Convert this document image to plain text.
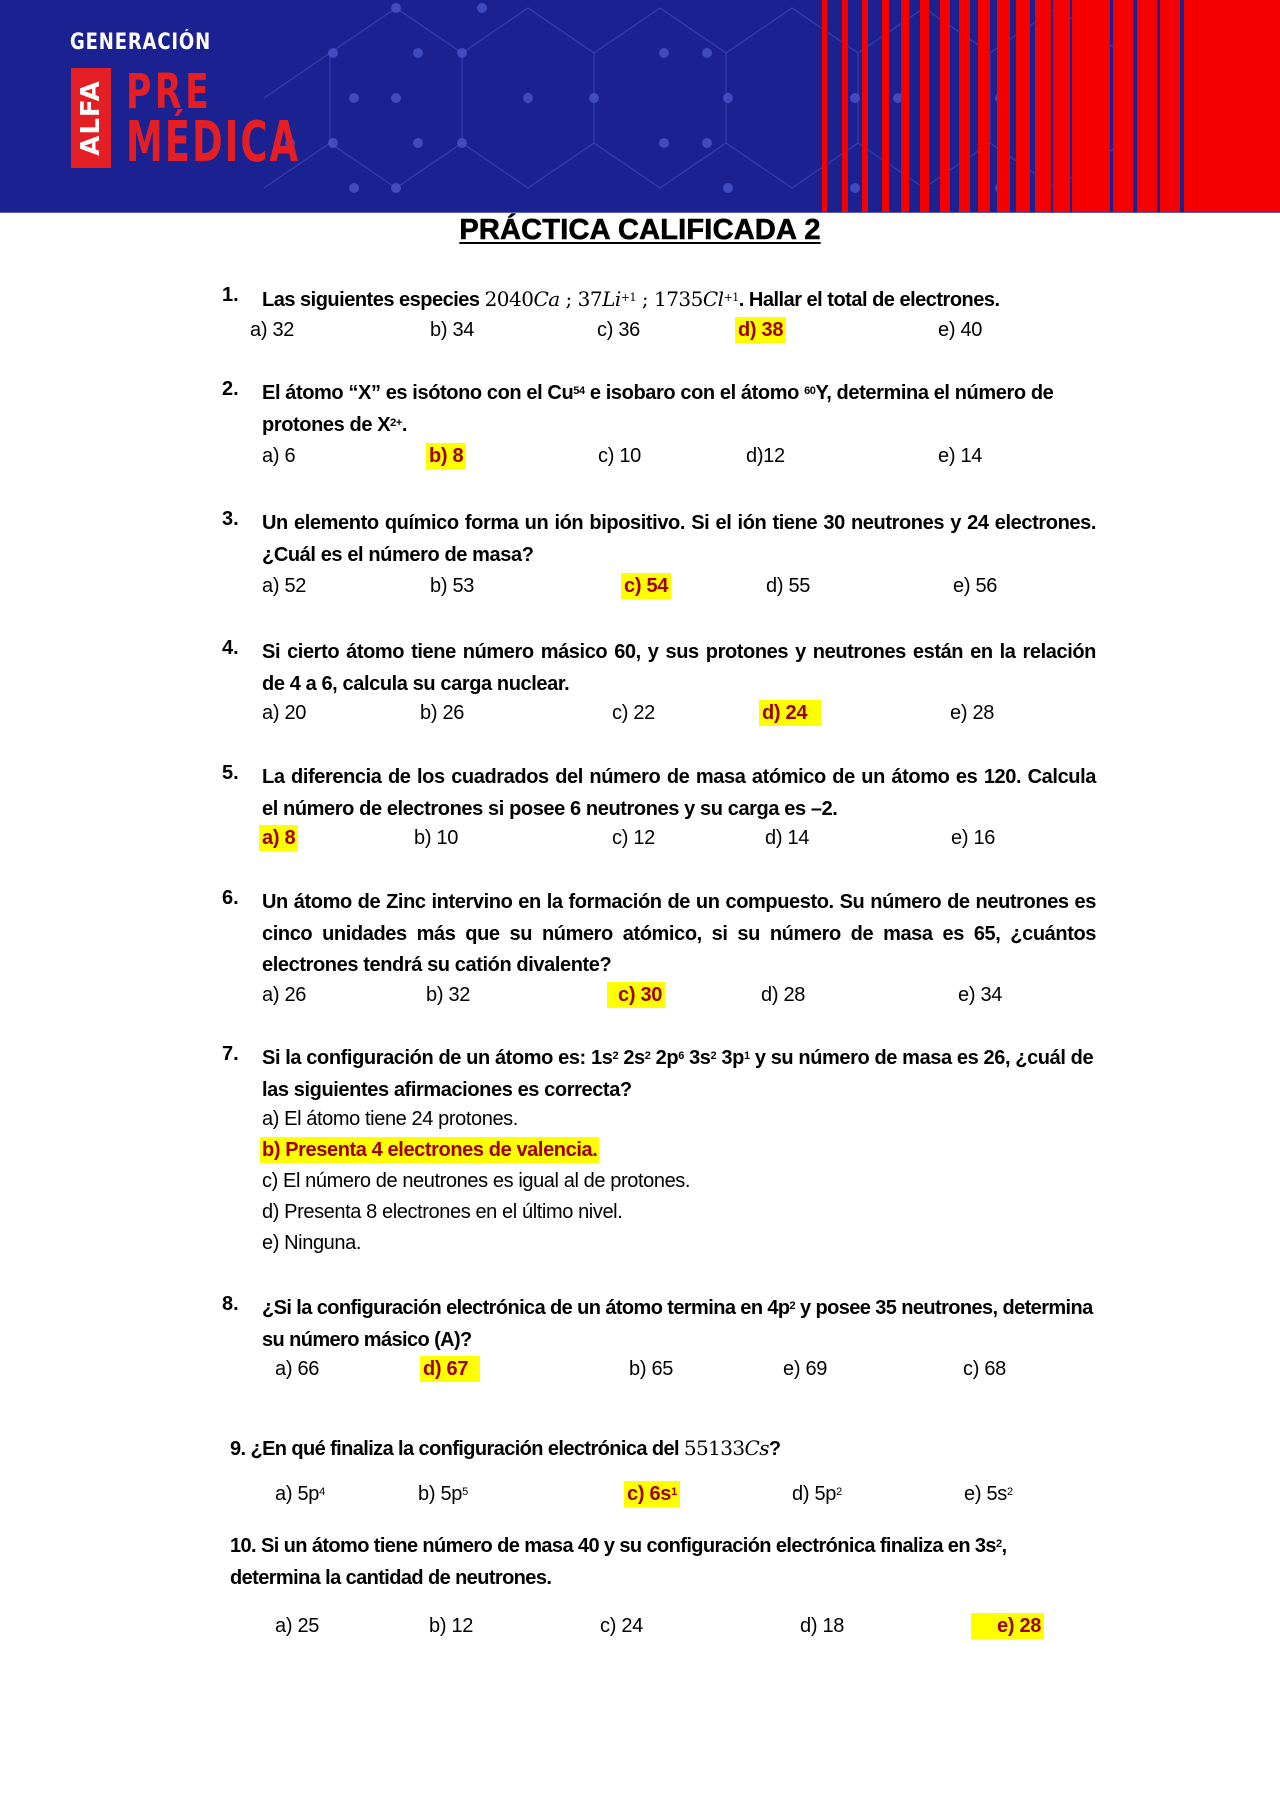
GENERACIÓN
ALFA PRE
MÉDICA
PRÁCTICA CALIFICADA 2
1. Las siguientes especies 2040Ca ; $37Li^{+1}$ ; $1735Cl^{+1}$. Hallar el total de electrones.
a) 32	b) 34	c) 36	d) 38	e) 40
2. El átomo “X” es isótono con el Cu$^{54}$ e isobaro con el átomo $^{60}$Y, determina el número de protones de $X^{2+}$.
a) 6	b) 8	c) 10	d)12	e) 14
3. Un elemento químico forma un ión bipositivo. Si el ión tiene 30 neutrones y 24 electrones. ¿Cuál es el número de masa?
a) 52	b) 53	c) 54	d) 55	e) 56
4. Si cierto átomo tiene número másico 60, y sus protones y neutrones están en la relación de 4 a 6, calcula su carga nuclear.
a) 20	b) 26	c) 22	d) 24	e) 28
5. La diferencia de los cuadrados del número de masa atómico de un átomo es 120. Calcula el número de electrones si posee 6 neutrones y su carga es –2.
a) 8	b) 10	c) 12	d) 14	e) 16
6. Un átomo de Zinc intervino en la formación de un compuesto. Su número de neutrones es cinco unidades más que su número atómico, si su número de masa es 65, ¿cuántos electrones tendrá su catión divalente?
a) 26	b) 32	c) 30	d) 28	e) 34
7. Si la configuración de un átomo es: $1s^2$ $2s^2$ $2p^6$ $3s^2$ $3p^1$ y su número de masa es 26, ¿cuál de las siguientes afirmaciones es correcta?
a) El átomo tiene 24 protones.
b) Presenta 4 electrones de valencia.
c) El número de neutrones es igual al de protones.
d) Presenta 8 electrones en el último nivel.
e) Ninguna.
8. ¿Si la configuración electrónica de un átomo termina en $4p^2$ y posee 35 neutrones, determina su número másico (A)?
a) 66	d) 67	b) 65	e) 69	c) 68
9. ¿En qué finaliza la configuración electrónica del 55133Cs?
a) $5p^4$	b) $5p^5$	c) $6s^1$	d) $5p^2$	e) $5s^2$
10. Si un átomo tiene número de masa 40 y su configuración electrónica finaliza en $3s^2$, determina la cantidad de neutrones.
a) 25	b) 12	c) 24	d) 18	e) 28
